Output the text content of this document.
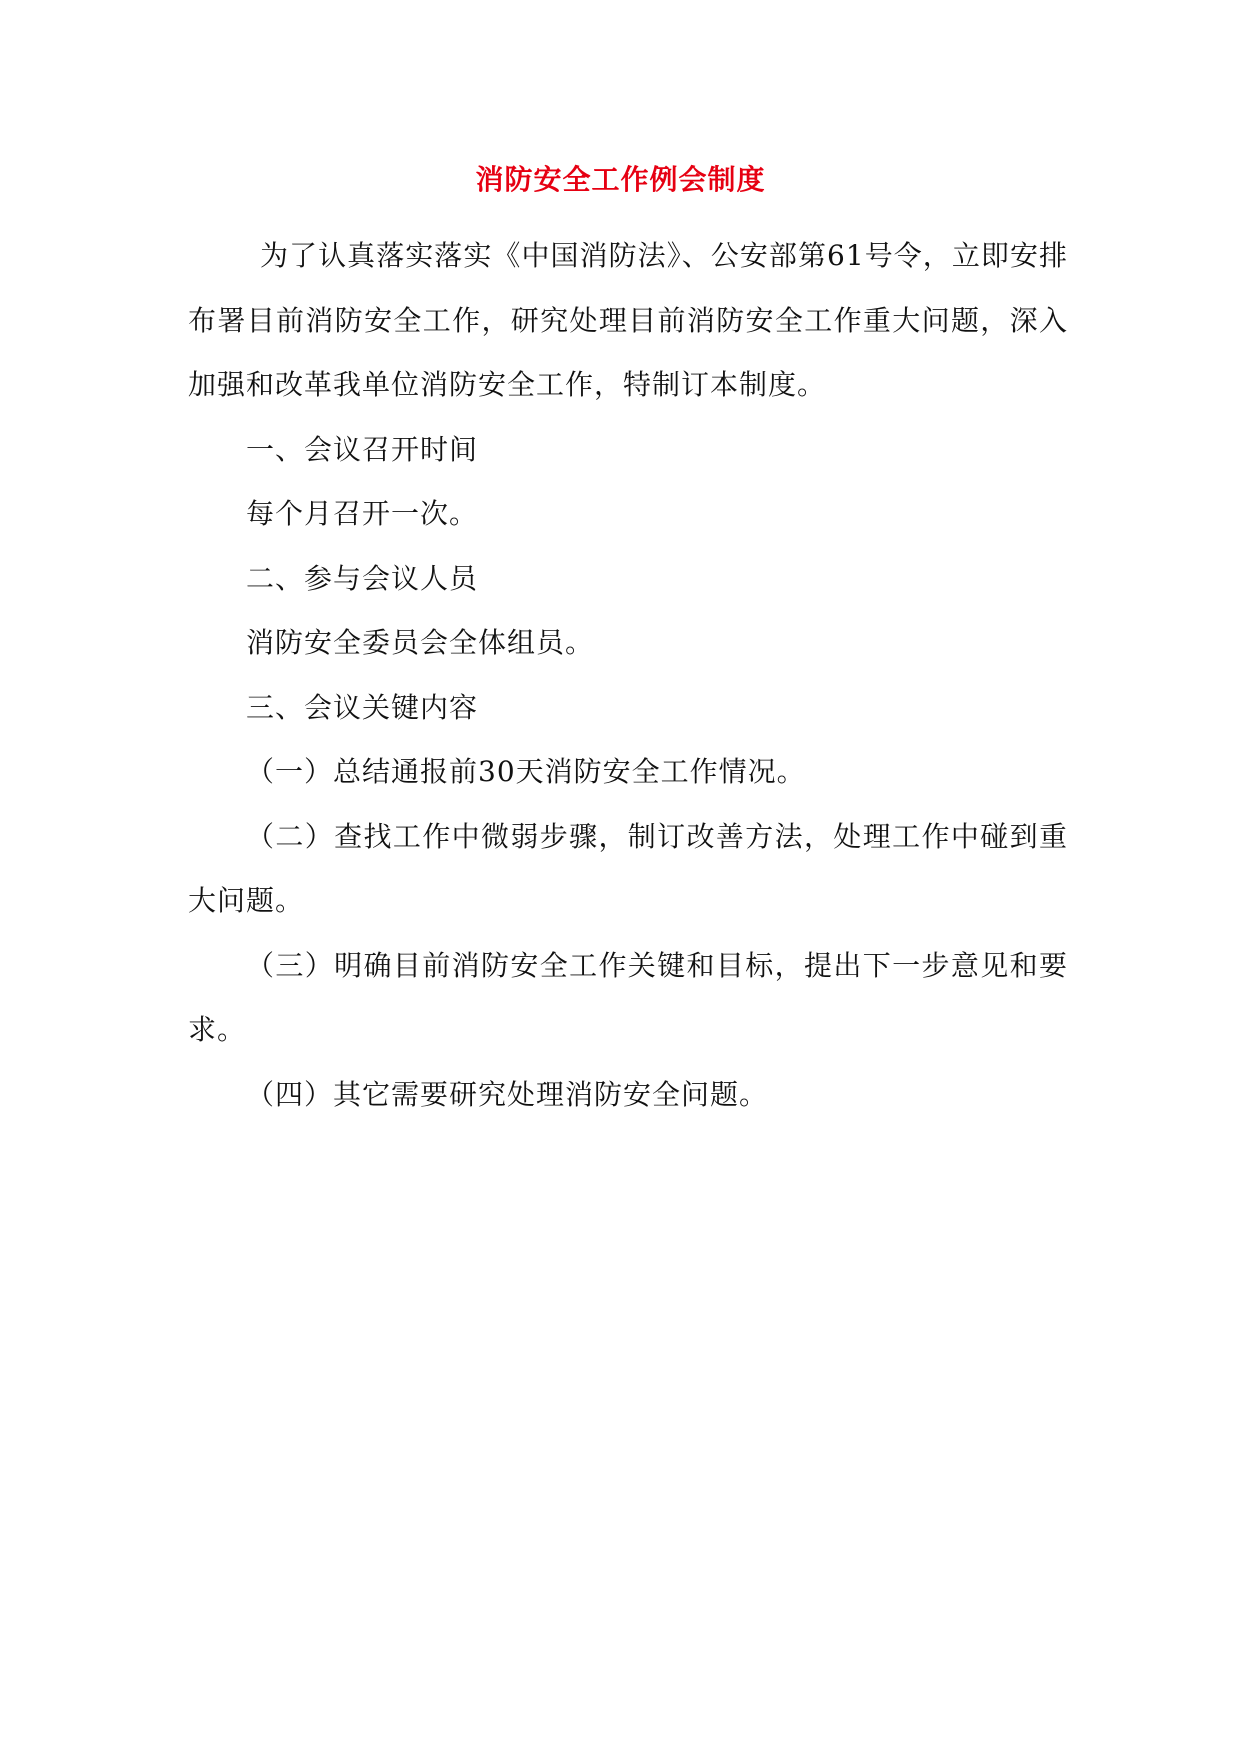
消防安全工作例会制度

为了认真落实落实《中国消防法》、公安部第61号令，立即安排布署目前消防安全工作，研究处理目前消防安全工作重大问题，深入加强和改革我单位消防安全工作，特制订本制度。

一、会议召开时间

每个月召开一次。

二、参与会议人员

消防安全委员会全体组员。

三、会议关键内容

（一）总结通报前30天消防安全工作情况。

（二）查找工作中微弱步骤，制订改善方法，处理工作中碰到重大问题。

（三）明确目前消防安全工作关键和目标，提出下一步意见和要求。

（四）其它需要研究处理消防安全问题。
